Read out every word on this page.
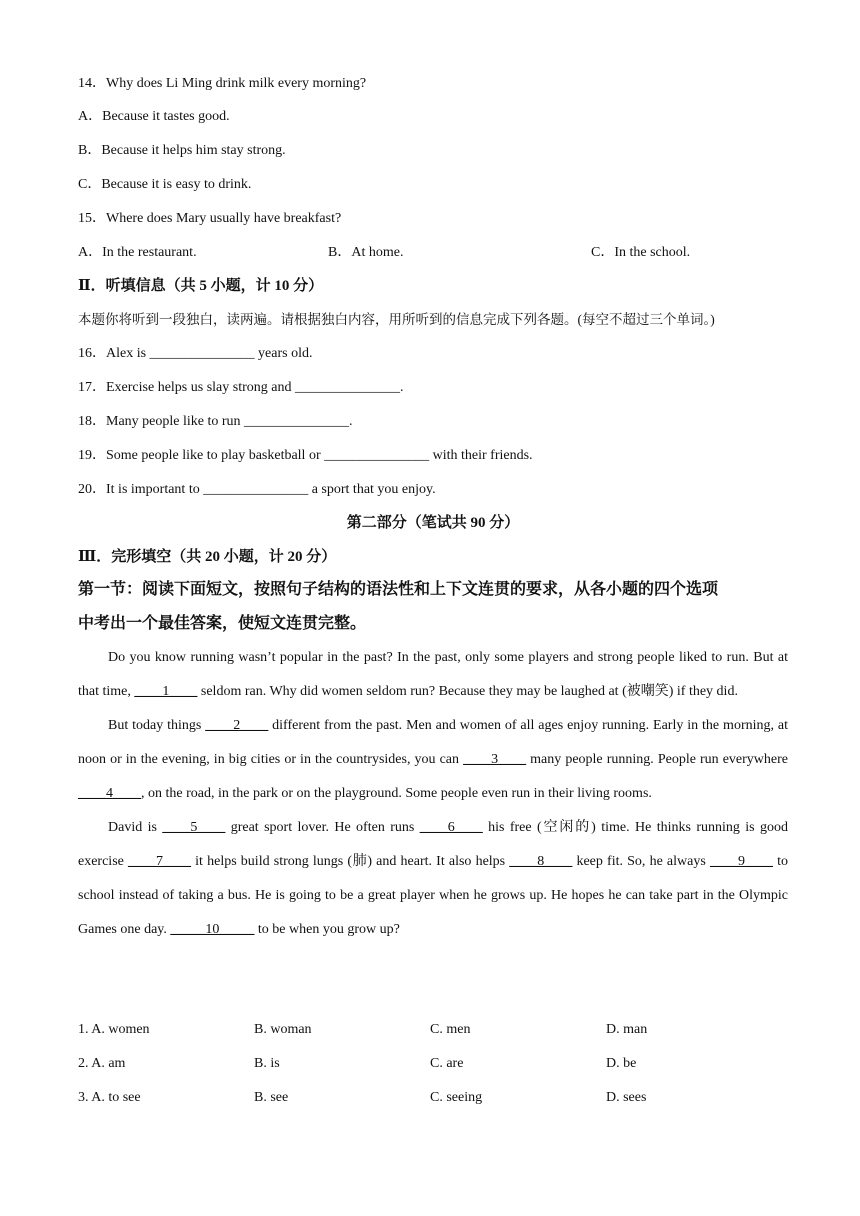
14．Why does Li Ming drink milk every morning?
A．Because it tastes good.
B．Because it helps him stay strong.
C．Because it is easy to drink.
15．Where does Mary usually have breakfast?
A．In the restaurant.	B．At home.	C．In the school.
Ⅱ．听填信息（共 5 小题，计 10 分）
本题你将听到一段独白，读两遍。请根据独白内容，用所听到的信息完成下列各题。(每空不超过三个单词。)
16．Alex is _______________ years old.
17．Exercise helps us slay strong and _______________.
18．Many people like to run _______________.
19．Some people like to play basketball or _______________ with their friends.
20．It is important to _______________ a sport that you enjoy.
第二部分（笔试共 90 分）
Ⅲ．完形填空（共 20 小题，计 20 分）
第一节：阅读下面短文，按照句子结构的语法性和上下文连贯的要求，从各小题的四个选项
中考出一个最佳答案，使短文连贯完整。

Do you know running wasn’t popular in the past? In the past, only some players and strong people liked to run. But at that time, ____1____ seldom ran. Why did women seldom run? Because they may be laughed at (被嘲笑) if they did.

But today things ____2____ different from the past. Men and women of all ages enjoy running. Early in the morning, at noon or in the evening, in big cities or in the countrysides, you can ____3____ many people running. People run everywhere ____4____, on the road, in the park or on the playground. Some people even run in their living rooms.

David is ____5____ great sport lover. He often runs ____6____ his free (空闲的) time. He thinks running is good exercise ____7____ it helps build strong lungs (肺) and heart. It also helps ____8____ keep fit. So, he always ____9____ to school instead of taking a bus. He is going to be a great player when he grows up. He hopes he can take part in the Olympic Games one day. _____10_____ to be when you grow up?

1. A. women	B. woman	C. men	D. man
2. A. am	B. is	C. are	D. be
3. A. to see	B. see	C. seeing	D. sees
